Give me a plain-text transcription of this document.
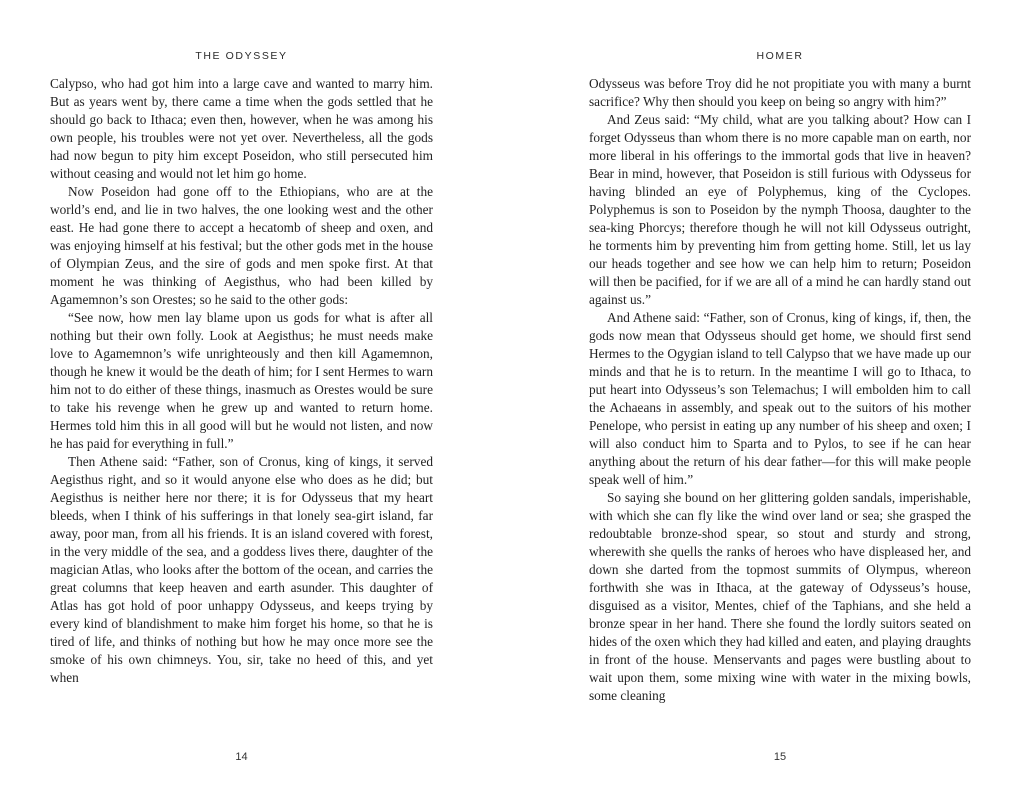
THE ODYSSEY

Calypso, who had got him into a large cave and wanted to marry him. But as years went by, there came a time when the gods settled that he should go back to Ithaca; even then, however, when he was among his own people, his troubles were not yet over. Nevertheless, all the gods had now begun to pity him except Poseidon, who still persecuted him without ceasing and would not let him go home.

Now Poseidon had gone off to the Ethiopians, who are at the world’s end, and lie in two halves, the one looking west and the other east. He had gone there to accept a hecatomb of sheep and oxen, and was enjoying himself at his festival; but the other gods met in the house of Olympian Zeus, and the sire of gods and men spoke first. At that moment he was thinking of Aegisthus, who had been killed by Agamemnon’s son Orestes; so he said to the other gods:

“See now, how men lay blame upon us gods for what is after all nothing but their own folly. Look at Aegisthus; he must needs make love to Agamemnon’s wife unrighteously and then kill Agamemnon, though he knew it would be the death of him; for I sent Hermes to warn him not to do either of these things, inasmuch as Orestes would be sure to take his revenge when he grew up and wanted to return home. Hermes told him this in all good will but he would not listen, and now he has paid for everything in full.”

Then Athene said: “Father, son of Cronus, king of kings, it served Aegisthus right, and so it would anyone else who does as he did; but Aegisthus is neither here nor there; it is for Odysseus that my heart bleeds, when I think of his sufferings in that lonely sea-girt island, far away, poor man, from all his friends. It is an island covered with forest, in the very middle of the sea, and a goddess lives there, daughter of the magician Atlas, who looks after the bottom of the ocean, and carries the great columns that keep heaven and earth asunder. This daughter of Atlas has got hold of poor unhappy Odysseus, and keeps trying by every kind of blandishment to make him forget his home, so that he is tired of life, and thinks of nothing but how he may once more see the smoke of his own chimneys. You, sir, take no heed of this, and yet when

14
HOMER

Odysseus was before Troy did he not propitiate you with many a burnt sacrifice? Why then should you keep on being so angry with him?”

And Zeus said: “My child, what are you talking about? How can I forget Odysseus than whom there is no more capable man on earth, nor more liberal in his offerings to the immortal gods that live in heaven? Bear in mind, however, that Poseidon is still furious with Odysseus for having blinded an eye of Polyphemus, king of the Cyclopes. Polyphemus is son to Poseidon by the nymph Thoosa, daughter to the sea-king Phorcys; therefore though he will not kill Odysseus outright, he torments him by preventing him from getting home. Still, let us lay our heads together and see how we can help him to return; Poseidon will then be pacified, for if we are all of a mind he can hardly stand out against us.”

And Athene said: “Father, son of Cronus, king of kings, if, then, the gods now mean that Odysseus should get home, we should first send Hermes to the Ogygian island to tell Calypso that we have made up our minds and that he is to return. In the meantime I will go to Ithaca, to put heart into Odysseus’s son Telemachus; I will embolden him to call the Achaeans in assembly, and speak out to the suitors of his mother Penelope, who persist in eating up any number of his sheep and oxen; I will also conduct him to Sparta and to Pylos, to see if he can hear anything about the return of his dear father—for this will make people speak well of him.”

So saying she bound on her glittering golden sandals, imperishable, with which she can fly like the wind over land or sea; she grasped the redoubtable bronze-shod spear, so stout and sturdy and strong, wherewith she quells the ranks of heroes who have displeased her, and down she darted from the topmost summits of Olympus, whereon forthwith she was in Ithaca, at the gateway of Odysseus’s house, disguised as a visitor, Mentes, chief of the Taphians, and she held a bronze spear in her hand. There she found the lordly suitors seated on hides of the oxen which they had killed and eaten, and playing draughts in front of the house. Menservants and pages were bustling about to wait upon them, some mixing wine with water in the mixing bowls, some cleaning

15
